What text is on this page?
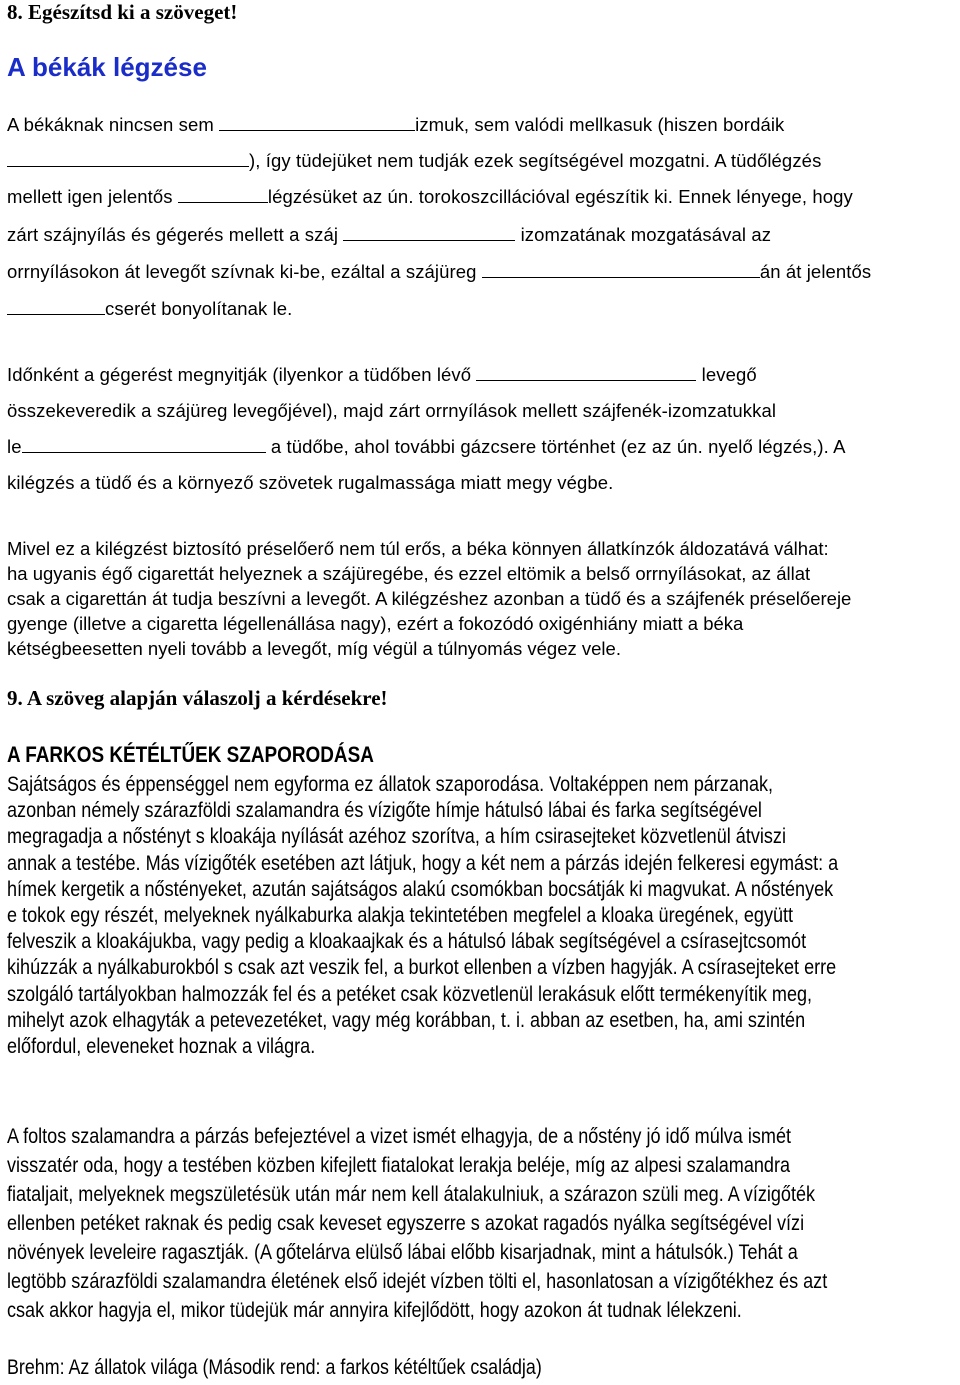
8. Egészítsd ki a szöveget!
A békák légzése
A békáknak nincsen sem	izmuk, sem valódi mellkasuk (hiszen bordáik
), így tüdejüket nem tudják ezek segítségével mozgatni. A tüdőlégzés
mellett igen jelentős	légzésüket az ún. torokoszcillációval egészítik ki. Ennek lényege, hogy
zárt szájnyílás és gégerés mellett a száj	izomzatának mozgatásával az
orrnyílásokon át levegőt szívnak ki-be, ezáltal a szájüreg	án át jelentős
cserét bonyolítanak le.
Időnként a gégerést megnyitják (ilyenkor a tüdőben lévő	levegő
összekeveredik a szájüreg levegőjével), majd zárt orrnyílások mellett szájfenék-izomzatukkal
le	a tüdőbe, ahol további gázcsere történhet (ez az ún. nyelő légzés,). A
kilégzés a tüdő és a környező szövetek rugalmassága miatt megy végbe.
Mivel ez a kilégzést biztosító préselőerő nem túl erős, a béka könnyen állatkínzók áldozatává válhat:
ha ugyanis égő cigarettát helyeznek a szájüregébe, és ezzel eltömik a belső orrnyílásokat, az állat
csak a cigarettán át tudja beszívni a levegőt. A kilégzéshez azonban a tüdő és a szájfenék préselőereje
gyenge (illetve a cigaretta légellenállása nagy), ezért a fokozódó oxigénhiány miatt a béka
kétségbeesetten nyeli tovább a levegőt, míg végül a túlnyomás végez vele.
9. A szöveg alapján válaszolj a kérdésekre!
A FARKOS KÉTÉLTŰEK SZAPORODÁSA
Sajátságos és éppenséggel nem egyforma ez állatok szaporodása. Voltaképpen nem párzanak,
azonban némely szárazföldi szalamandra és vízigőte hímje hátulsó lábai és farka segítségével
megragadja a nőstényt s kloakája nyílását azéhoz szorítva, a hím csirasejteket közvetlenül átviszi
annak a testébe. Más vízigőték esetében azt látjuk, hogy a két nem a párzás idején felkeresi egymást: a
hímek kergetik a nőstényeket, azután sajátságos alakú csomókban bocsátják ki magvukat. A nőstények
e tokok egy részét, melyeknek nyálkaburka alakja tekintetében megfelel a kloaka üregének, együtt
felveszik a kloakájukba, vagy pedig a kloakaajkak és a hátulsó lábak segítségével a csírasejtcsomót
kihúzzák a nyálkaburokból s csak azt veszik fel, a burkot ellenben a vízben hagyják. A csírasejteket erre
szolgáló tartályokban halmozzák fel és a petéket csak közvetlenül lerakásuk előtt termékenyítik meg,
mihelyt azok elhagyták a petevezetéket, vagy még korábban, t. i. abban az esetben, ha, ami szintén
előfordul, eleveneket hoznak a világra.
A foltos szalamandra a párzás befejeztével a vizet ismét elhagyja, de a nőstény jó idő múlva ismét
visszatér oda, hogy a testében közben kifejlett fiatalokat lerakja beléje, míg az alpesi szalamandra
fiataljait, melyeknek megszületésük után már nem kell átalakulniuk, a szárazon szüli meg. A vízigőték
ellenben petéket raknak és pedig csak keveset egyszerre s azokat ragadós nyálka segítségével vízi
növények leveleire ragasztják. (A gőtelárva elülső lábai előbb kisarjadnak, mint a hátulsók.) Tehát a
legtöbb szárazföldi szalamandra életének első idejét vízben tölti el, hasonlatosan a vízigőtékhez és azt
csak akkor hagyja el, mikor tüdejük már annyira kifejlődött, hogy azokon át tudnak lélekzeni.
Brehm: Az állatok világa (Második rend: a farkos kétéltűek családja)
